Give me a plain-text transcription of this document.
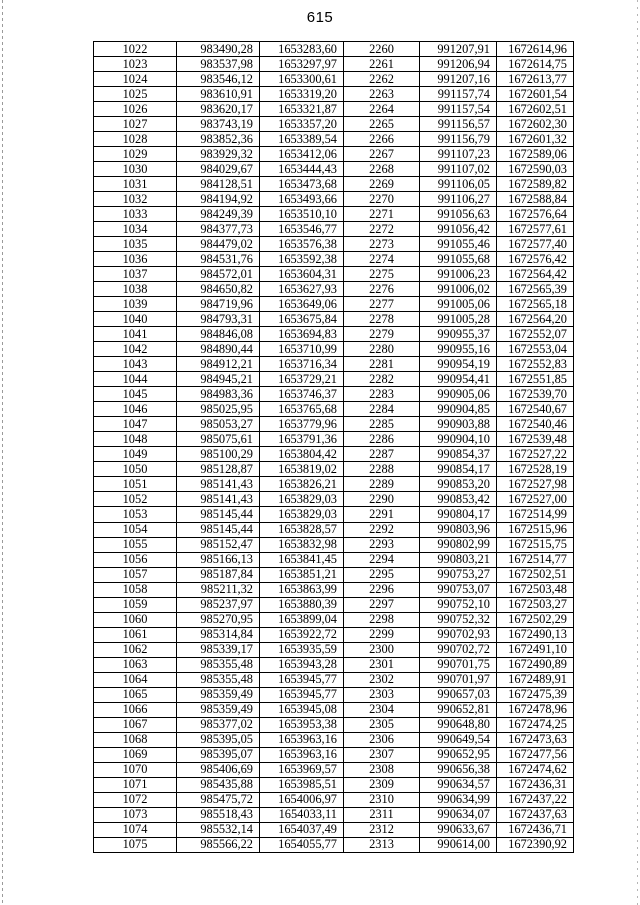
615
1022	983490,28	1653283,60	2260	991207,91	1672614,96
1023	983537,98	1653297,97	2261	991206,94	1672614,75
1024	983546,12	1653300,61	2262	991207,16	1672613,77
1025	983610,91	1653319,20	2263	991157,74	1672601,54
1026	983620,17	1653321,87	2264	991157,54	1672602,51
1027	983743,19	1653357,20	2265	991156,57	1672602,30
1028	983852,36	1653389,54	2266	991156,79	1672601,32
1029	983929,32	1653412,06	2267	991107,23	1672589,06
1030	984029,67	1653444,43	2268	991107,02	1672590,03
1031	984128,51	1653473,68	2269	991106,05	1672589,82
1032	984194,92	1653493,66	2270	991106,27	1672588,84
1033	984249,39	1653510,10	2271	991056,63	1672576,64
1034	984377,73	1653546,77	2272	991056,42	1672577,61
1035	984479,02	1653576,38	2273	991055,46	1672577,40
1036	984531,76	1653592,38	2274	991055,68	1672576,42
1037	984572,01	1653604,31	2275	991006,23	1672564,42
1038	984650,82	1653627,93	2276	991006,02	1672565,39
1039	984719,96	1653649,06	2277	991005,06	1672565,18
1040	984793,31	1653675,84	2278	991005,28	1672564,20
1041	984846,08	1653694,83	2279	990955,37	1672552,07
1042	984890,44	1653710,99	2280	990955,16	1672553,04
1043	984912,21	1653716,34	2281	990954,19	1672552,83
1044	984945,21	1653729,21	2282	990954,41	1672551,85
1045	984983,36	1653746,37	2283	990905,06	1672539,70
1046	985025,95	1653765,68	2284	990904,85	1672540,67
1047	985053,27	1653779,96	2285	990903,88	1672540,46
1048	985075,61	1653791,36	2286	990904,10	1672539,48
1049	985100,29	1653804,42	2287	990854,37	1672527,22
1050	985128,87	1653819,02	2288	990854,17	1672528,19
1051	985141,43	1653826,21	2289	990853,20	1672527,98
1052	985141,43	1653829,03	2290	990853,42	1672527,00
1053	985145,44	1653829,03	2291	990804,17	1672514,99
1054	985145,44	1653828,57	2292	990803,96	1672515,96
1055	985152,47	1653832,98	2293	990802,99	1672515,75
1056	985166,13	1653841,45	2294	990803,21	1672514,77
1057	985187,84	1653851,21	2295	990753,27	1672502,51
1058	985211,32	1653863,99	2296	990753,07	1672503,48
1059	985237,97	1653880,39	2297	990752,10	1672503,27
1060	985270,95	1653899,04	2298	990752,32	1672502,29
1061	985314,84	1653922,72	2299	990702,93	1672490,13
1062	985339,17	1653935,59	2300	990702,72	1672491,10
1063	985355,48	1653943,28	2301	990701,75	1672490,89
1064	985355,48	1653945,77	2302	990701,97	1672489,91
1065	985359,49	1653945,77	2303	990657,03	1672475,39
1066	985359,49	1653945,08	2304	990652,81	1672478,96
1067	985377,02	1653953,38	2305	990648,80	1672474,25
1068	985395,05	1653963,16	2306	990649,54	1672473,63
1069	985395,07	1653963,16	2307	990652,95	1672477,56
1070	985406,69	1653969,57	2308	990656,38	1672474,62
1071	985435,88	1653985,51	2309	990634,57	1672436,31
1072	985475,72	1654006,97	2310	990634,99	1672437,22
1073	985518,43	1654033,11	2311	990634,07	1672437,63
1074	985532,14	1654037,49	2312	990633,67	1672436,71
1075	985566,22	1654055,77	2313	990614,00	1672390,92
